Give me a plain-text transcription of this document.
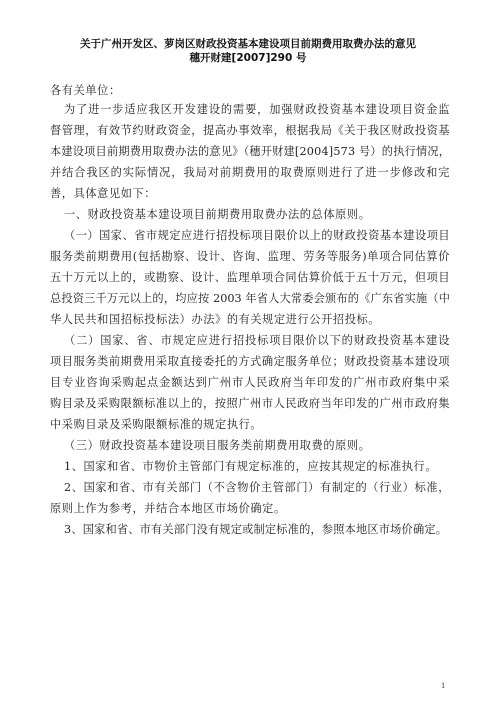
关于广州开发区、萝岗区财政投资基本建设项目前期费用取费办法的意见
穗开财建[2007]290 号
各有关单位：
为了进一步适应我区开发建设的需要，加强财政投资基本建设项目资金监
督管理，有效节约财政资金，提高办事效率，根据我局《关于我区财政投资基
本建设项目前期费用取费办法的意见》（穗开财建[2004]573 号）的执行情况，
并结合我区的实际情况，我局对前期费用的取费原则进行了进一步修改和完
善，具体意见如下：
一、财政投资基本建设项目前期费用取费办法的总体原则。
（一）国家、省市规定应进行招投标项目限价以上的财政投资基本建设项目
服务类前期费用(包括勘察、设计、咨询、监理、劳务等服务)单项合同估算价
五十万元以上的，或勘察、设计、监理单项合同估算价低于五十万元，但项目
总投资三千万元以上的，均应按 2003 年省人大常委会颁布的《广东省实施（中
华人民共和国招标投标法）办法》的有关规定进行公开招投标。
（二）国家、省、市规定应进行招投标项目限价以下的财政投资基本建设
项目服务类前期费用采取直接委托的方式确定服务单位；财政投资基本建设项
目专业咨询采购起点金额达到广州市人民政府当年印发的广州市政府集中采
购目录及采购限额标准以上的，按照广州市人民政府当年印发的广州市政府集
中采购目录及采购限额标准的规定执行。
（三）财政投资基本建设项目服务类前期费用取费的原则。
1、国家和省、市物价主管部门有规定标准的，应按其规定的标准执行。
2、国家和省、市有关部门（不含物价主管部门）有制定的（行业）标准，
原则上作为参考，并结合本地区市场价确定。
3、国家和省、市有关部门没有规定或制定标准的，参照本地区市场价确定。
1
